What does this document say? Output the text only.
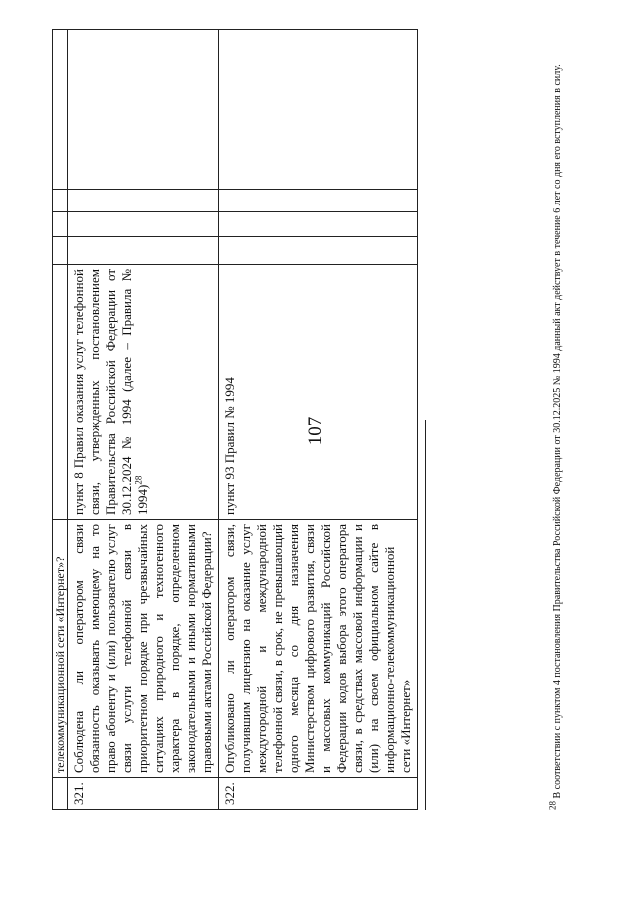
107
	телекоммуникационной сети «Интернет»?					
321.	Соблюдена ли оператором связи обязанность оказывать имеющему на то право абоненту и (или) пользователю услуг связи услуги телефонной связи в приоритетном порядке при чрезвычайных ситуациях природного и техногенного характера в порядке, определенном законодательными и иными нормативными правовыми актами Российской Федерации?	пункт 8 Правил оказания услуг телефонной связи, утвержденных постановлением Правительства Российской Федерации от 30.12.2024 № 1994 (далее – Правила № 1994)$^{28}$				
322.	Опубликовано ли оператором связи, получившим лицензию на оказание услуг междугородной и международной телефонной связи, в срок, не превышающий одного месяца со дня назначения Министерством цифрового развития, связи и массовых коммуникаций Российской Федерации кодов выбора этого оператора связи, в средствах массовой информации и (или) на своем официальном сайте в информационно-телекоммуникационной сети «Интернет»	пункт 93 Правил № 1994				
$^{28}$ В соответствии с пунктом 4 постановления Правительства Российской Федерации от 30.12.2025 № 1994 данный акт действует в течение 6 лет со дня его вступления в силу.
